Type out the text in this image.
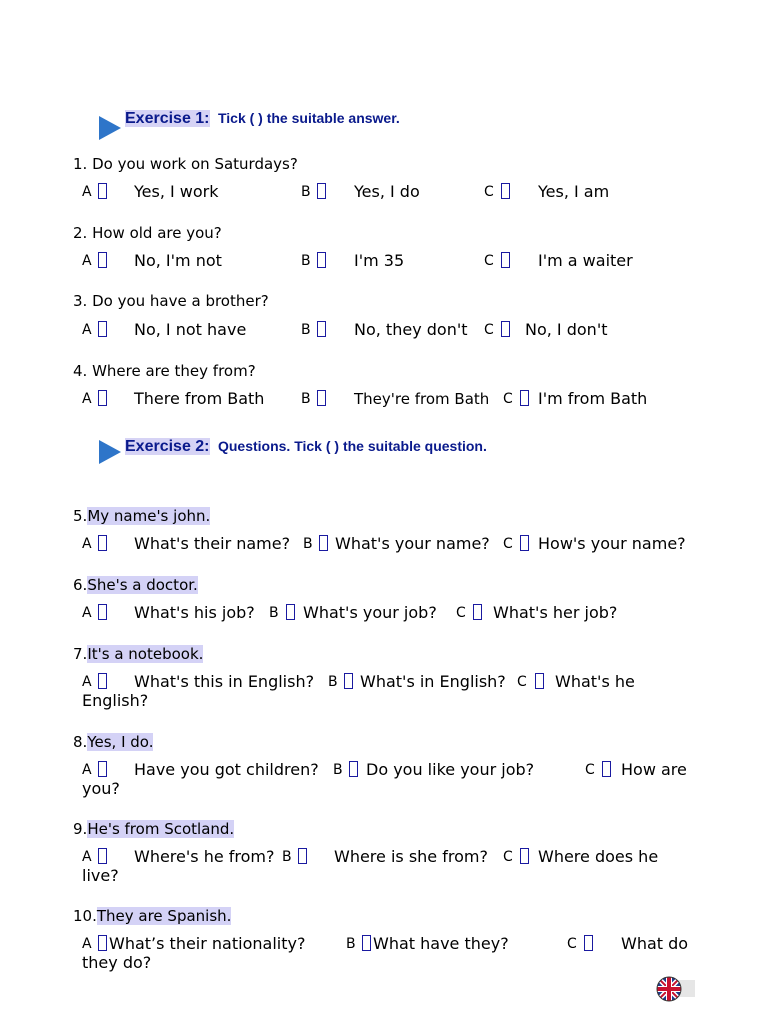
Exercise 1: Tick ( ) the suitable answer.
1. Do you work on Saturdays?
A	Yes, I work	B	Yes, I do	C	Yes, I am
2. How old are you?
A	No, I'm not	B	I'm 35	C	I'm a waiter
3. Do you have a brother?
A	No, I not have	B	No, they don't C No, I don't
4. Where are they from?
A	There from Bath	B	They're from Bath C I'm from Bath
Exercise 2: Questions. Tick ( ) the suitable question.
5.My name's john.
A	What's their name? B What's your name? C How's your name?
6.She's a doctor.
A	What's his job? B What's your job? C What's her job?
7.It's a notebook.
A	What's this in English? B What's in English? C	What's he English?
8.Yes, I do.
A	Have you got children? B Do you like your job?	C	How are you?
9.He's from Scotland.
A	Where's he from? B	Where is she from? C	Where does he live?
10.They are Spanish.
A What’s their nationality?	B What have they?	C	What do they do?
